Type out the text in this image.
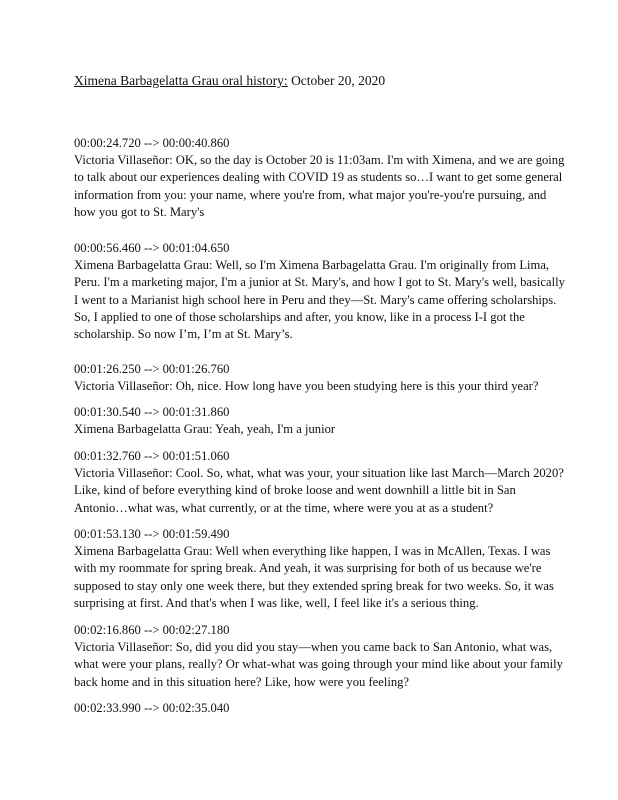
Ximena Barbagelatta Grau oral history: October 20, 2020
00:00:24.720 --> 00:00:40.860
Victoria Villaseñor: OK, so the day is October 20 is 11:03am. I'm with Ximena, and we are going
to talk about our experiences dealing with COVID 19 as students so…I want to get some general
information from you: your name, where you're from, what major you're-you're pursuing, and
how you got to St. Mary's
00:00:56.460 --> 00:01:04.650
Ximena Barbagelatta Grau: Well, so I'm Ximena Barbagelatta Grau. I'm originally from Lima,
Peru. I'm a marketing major, I'm a junior at St. Mary's, and how I got to St. Mary's well, basically
I went to a Marianist high school here in Peru and they—St. Mary's came offering scholarships.
So, I applied to one of those scholarships and after, you know, like in a process I-I got the
scholarship. So now I’m, I’m at St. Mary’s.
00:01:26.250 --> 00:01:26.760
Victoria Villaseñor: Oh, nice. How long have you been studying here is this your third year?
00:01:30.540 --> 00:01:31.860
Ximena Barbagelatta Grau: Yeah, yeah, I'm a junior
00:01:32.760 --> 00:01:51.060
Victoria Villaseñor: Cool. So, what, what was your, your situation like last March—March 2020?
Like, kind of before everything kind of broke loose and went downhill a little bit in San
Antonio…what was, what currently, or at the time, where were you at as a student?
00:01:53.130 --> 00:01:59.490
Ximena Barbagelatta Grau: Well when everything like happen, I was in McAllen, Texas. I was
with my roommate for spring break. And yeah, it was surprising for both of us because we're
supposed to stay only one week there, but they extended spring break for two weeks. So, it was
surprising at first. And that's when I was like, well, I feel like it's a serious thing.
00:02:16.860 --> 00:02:27.180
Victoria Villaseñor: So, did you did you stay—when you came back to San Antonio, what was,
what were your plans, really? Or what-what was going through your mind like about your family
back home and in this situation here? Like, how were you feeling?
00:02:33.990 --> 00:02:35.040
